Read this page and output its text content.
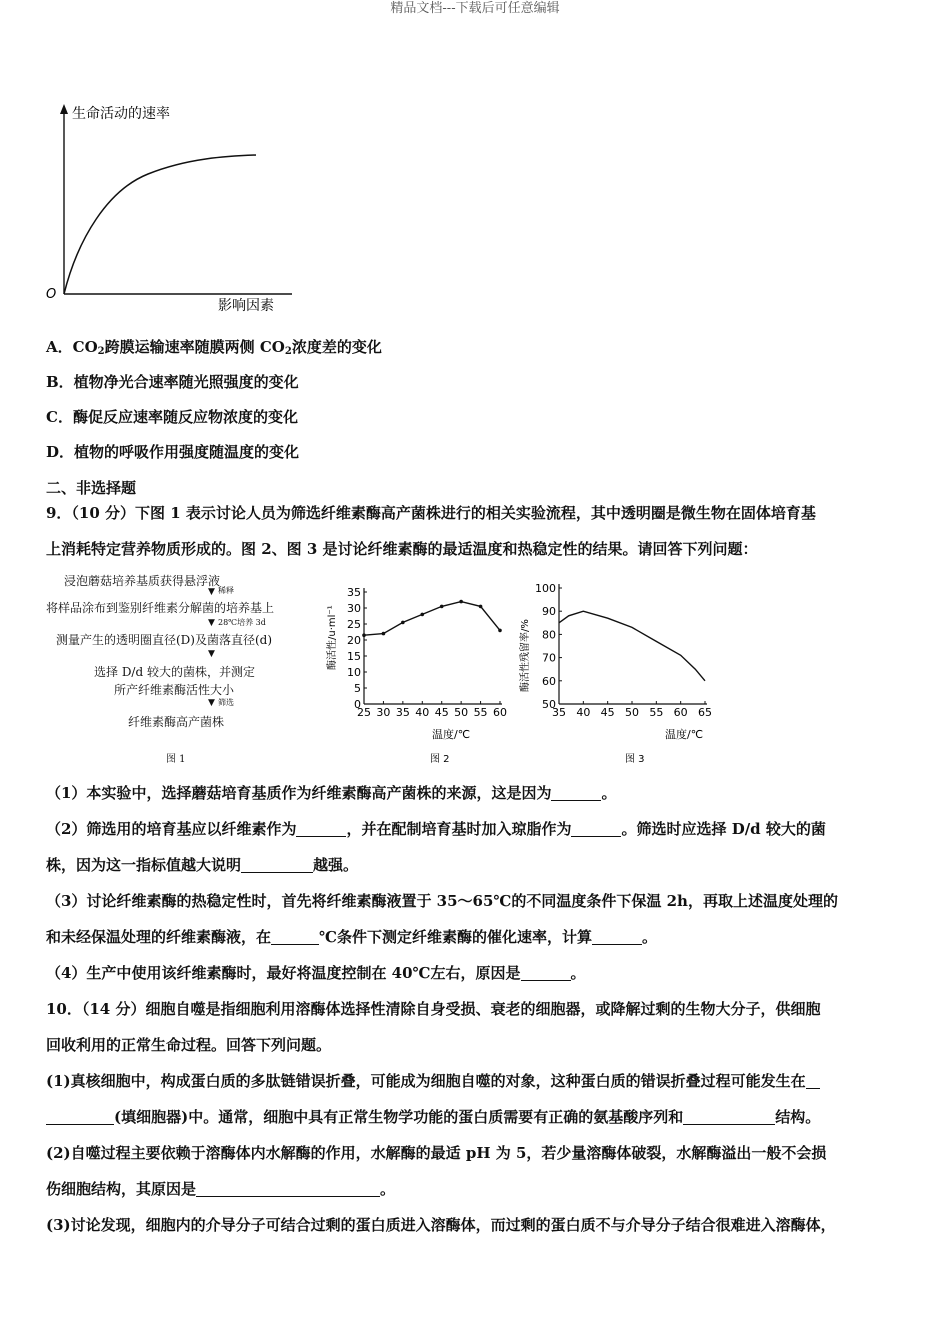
精品文档---下载后可任意编辑
生命活动的速率
O
影响因素
A．$CO_2$跨膜运输速率随膜两侧 $CO_2$浓度差的变化
B．植物净光合速率随光照强度的变化
C．酶促反应速率随反应物浓度的变化
D．植物的呼吸作用强度随温度的变化
二、非选择题
9．（10 分）下图 1 表示讨论人员为筛选纤维素酶高产菌株进行的相关实验流程，其中透明圈是微生物在固体培育基
上消耗特定营养物质形成的。图 2、图 3 是讨论纤维素酶的最适温度和热稳定性的结果。请回答下列问题：
浸泡蘑菇培养基质获得悬浮液
▼ 稀释
将样品涂布到鉴别纤维素分解菌的培养基上
▼ 28℃培养 3d
测量产生的透明圈直径(D)及菌落直径(d)
▼
选择 D/d 较大的菌株，并测定
所产纤维素酶活性大小
▼ 筛选
纤维素酶高产菌株
图 1
25 30 35 40 45 50 55 60
0
5
10
15
20
25
30
35
温度/℃
酶活性/u·ml⁻¹
图 2
35 40 45 50 55 60 65
50
60
70
80
90
100
温度/℃
酶活性残留率/%
图 3
（1）本实验中，选择蘑菇培育基质作为纤维素酶高产菌株的来源，这是因为	。
（2）筛选用的培育基应以纤维素作为	，并在配制培育基时加入琼脂作为	。筛选时应选择 D/d 较大的菌
株，因为这一指标值越大说明	越强。
（3）讨论纤维素酶的热稳定性时，首先将纤维素酶液置于 35～65℃的不同温度条件下保温 2h，再取上述温度处理的
和未经保温处理的纤维素酶液，在	℃条件下测定纤维素酶的催化速率，计算	。
（4）生产中使用该纤维素酶时，最好将温度控制在 40℃左右，原因是	。
10．（14 分）细胞自噬是指细胞利用溶酶体选择性清除自身受损、衰老的细胞器，或降解过剩的生物大分子，供细胞
回收利用的正常生命过程。回答下列问题。
(1)真核细胞中，构成蛋白质的多肽链错误折叠，可能成为细胞自噬的对象，这种蛋白质的错误折叠过程可能发生在
(填细胞器)中。通常，细胞中具有正常生物学功能的蛋白质需要有正确的氨基酸序列和	结构。
(2)自噬过程主要依赖于溶酶体内水解酶的作用，水解酶的最适 pH 为 5，若少量溶酶体破裂，水解酶溢出一般不会损
伤细胞结构，其原因是	。
(3)讨论发现，细胞内的介导分子可结合过剩的蛋白质进入溶酶体，而过剩的蛋白质不与介导分子结合很难进入溶酶体，
